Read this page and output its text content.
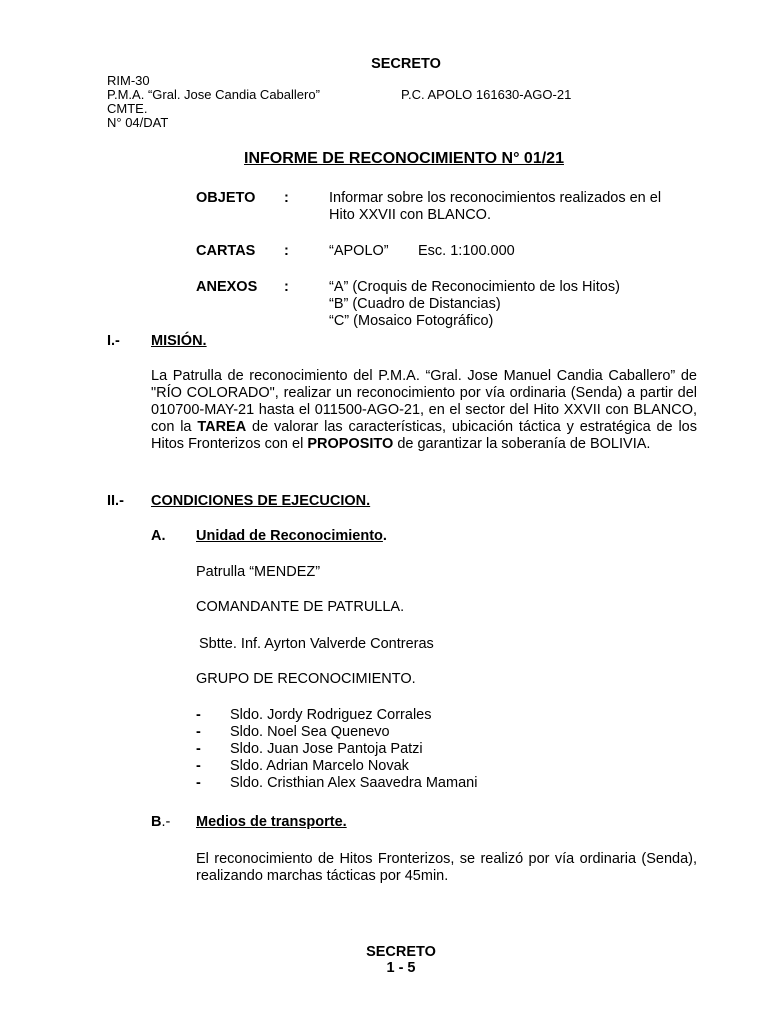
SECRETO
RIM-30
P.M.A. “Gral. Jose Candia Caballero”	P.C. APOLO 161630-AGO-21
CMTE.
N° 04/DAT
INFORME DE RECONOCIMIENTO N° 01/21
OBJETO :	Informar sobre los reconocimientos realizados en el
Hito XXVII con BLANCO.
CARTAS :	“APOLO” Esc. 1:100.000
ANEXOS :	“A” (Croquis de Reconocimiento de los Hitos)
“B” (Cuadro de Distancias)
“C” (Mosaico Fotográfico)
I.- MISIÓN.
La Patrulla de reconocimiento del P.M.A. “Gral. Jose Manuel Candia Caballero” de "RÍO COLORADO", realizar un reconocimiento por vía ordinaria (Senda) a partir del 010700-MAY-21 hasta el 011500-AGO-21, en el sector del Hito XXVII con BLANCO, con la TAREA de valorar las características, ubicación táctica y estratégica de los Hitos Fronterizos con el PROPOSITO de garantizar la soberanía de BOLIVIA.
II.- CONDICIONES DE EJECUCION.
A. Unidad de Reconocimiento.
Patrulla “MENDEZ”
COMANDANTE DE PATRULLA.
Sbtte. Inf. Ayrton Valverde Contreras
GRUPO DE RECONOCIMIENTO.
-	Sldo. Jordy Rodriguez Corrales
-	Sldo. Noel Sea Quenevo
-	Sldo. Juan Jose Pantoja Patzi
-	Sldo. Adrian Marcelo Novak
-	Sldo. Cristhian Alex Saavedra Mamani
B.- Medios de transporte.
El reconocimiento de Hitos Fronterizos, se realizó por vía ordinaria (Senda), realizando marchas tácticas por 45min.
SECRETO
1 - 5
